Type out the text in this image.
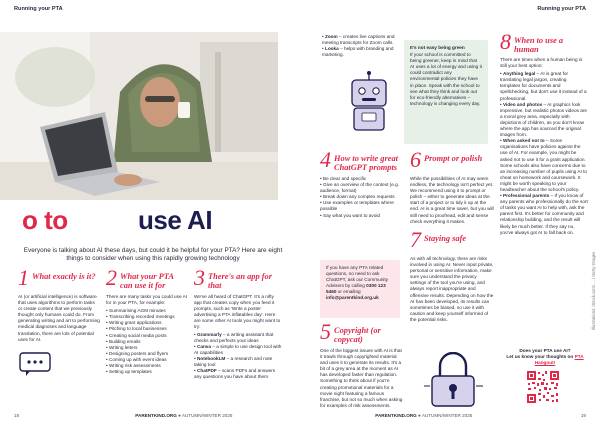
Running your PTA
o to	use AI
Everyone is talking about AI these days, but could it be helpful for your PTA? Here are eight things to consider when using this rapidly growing technology
1 What exactly is it?

AI (or artificial intelligence) is software that uses algorithms to perform tasks or create content that we previously thought only humans could do. From generating writing and art to performing medical diagnoses and language translation, there are lots of potential uses for AI.

2 What your PTA can use it for

There are many tasks you could use AI for in your PTA, for example:

• Summarising AGM minutes
• Transcribing recorded meetings
• Writing grant applications
• Pitching to local businesses
• Creating social media posts
• Building emails
• Writing letters
• Designing posters and flyers
• Coming up with event ideas
• Writing risk assessments
• Setting up templates
3 There's an app for that

We've all heard of ChatGPT. It's a nifty app that creates copy when you feed it prompts, such as 'Write a poster advertising a PTA inflatables day'. Here are some other AI tools you might want to try:

• Grammarly – a writing assistant that checks and perfects your ideas
• Canva – a simple to use design tool with AI capabilities
• NotebookLM – a research and note taking tool
• ChatPDF – scans PDFs and answers any questions you have about them
18	PARENTKIND.ORG ● AUTUMN/WINTER 2025
Running your PTA
• Zoom – creates live captions and meeting transcripts for Zoom calls.
• Looka – helps with branding and marketing.
It's not easy being green

If your school is committed to being greener, keep in mind that AI uses a lot of energy and using it could contradict any environmental policies they have in place. Speak with the school to see what they think and look out for eco-friendly alternatives – technology is changing every day.

4 How to write great ChatGPT prompts
• Be clear and specific
• Give an overview of the context (e.g. audience, format)
• Break down any complex requests
• Use examples or templates where possible
• Say what you want to avoid
If you have any PTA related questions, no need to ask ChatGPT, ask our Community Advisers by calling 0300 123 5460 or emailing info@parentkind.org.uk
5 Copyright (or copycat)

One of the biggest issues with AI is that it trawls through copyrighted material and uses it to generate its results. It's a bit of a grey area at the moment as AI has developed faster than regulation. Something to think about if you're creating promotional materials for a movie night featuring a famous franchise, but not so much when asking for examples of risk assessments.

6 Prompt or polish

While the possibilities of AI may seem endless, the technology isn't perfect yet. We recommend using it to prompt or polish – either to generate ideas at the start of a project or to tidy it up at the end. AI is a great time saver, but you will still need to proofread, edit and sense check everything it makes.

7 Staying safe

As with all technology, there are risks involved in using AI. Never input private, personal or sensitive information, make sure you understand the privacy settings of the tool you're using, and always report inappropriate and offensive results. Depending on how the AI has been developed, its results can sometimes be biased, so use it with caution and keep yourself informed of the potential risks.

8 When to use a human

There are times when a human being is still your best option:

• Anything legal – AI is great for translating legal jargon, creating templates for documents and spellchecking, but don't use it instead of a professional.
• Video and photos – AI graphics look impressive, but realistic photos videos are a moral grey area, especially with depictions of children, as you don't know where the app has sourced the original images from.
• When asked not to – Some organisations have policies against the use of AI. For example, you might be asked not to use it for a grant application. Some schools also have concerns due to an increasing number of pupils using AI to cheat on homework and coursework. It might be worth speaking to your headteacher about the school's policy.
• Professional parents – If you know of any parents who professionally do the sort of tasks you want AI to help with, ask the parent first. It's better for community and relationship building, and the result will likely be much better. If they say no, you've always got AI to fall back on.
Does your PTA use AI?
Let us know your thoughts on PTA Hangout!
Illustrations: iStock.com/ ... / Getty Images
PARENTKIND.ORG ● AUTUMN/WINTER 2025	19
